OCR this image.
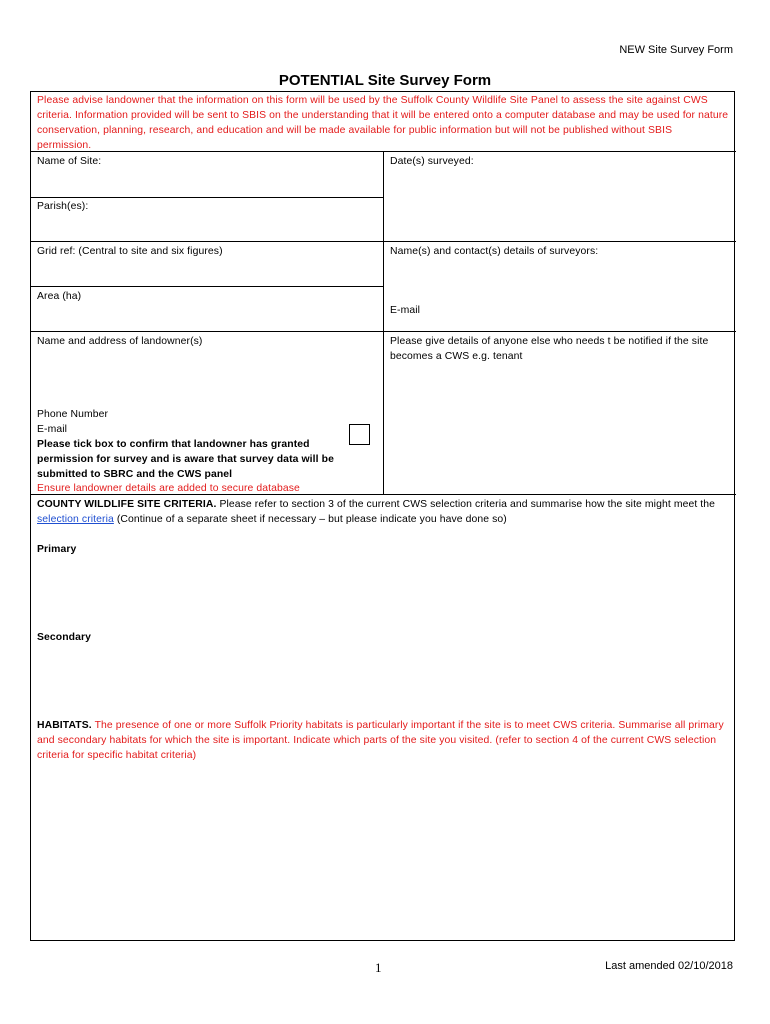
NEW Site Survey Form
POTENTIAL Site Survey Form
Please advise landowner that the information on this form will be used by the Suffolk County Wildlife Site Panel to assess the site against CWS criteria. Information provided will be sent to SBIS on the understanding that it will be entered onto a computer database and may be used for nature conservation, planning, research, and education and will be made available for public information but will not be published without SBIS permission.
Name of Site:
Parish(es):
Grid ref: (Central to site and six figures)
Area (ha)
Name and address of landowner(s)
Phone Number
E-mail
Please tick box to confirm that landowner has granted permission for survey and is aware that survey data will be submitted to SBRC and the CWS panel
Ensure landowner details are added to secure database
Date(s) surveyed:
Name(s) and contact(s) details of surveyors:
E-mail
Please give details of anyone else who needs t be notified if the site becomes a CWS e.g. tenant
COUNTY WILDLIFE SITE CRITERIA. Please refer to section 3 of the current CWS selection criteria and summarise how the site might meet the selection criteria (Continue of a separate sheet if necessary – but please indicate you have done so)
Primary
Secondary
HABITATS. The presence of one or more Suffolk Priority habitats is particularly important if the site is to meet CWS criteria. Summarise all primary and secondary habitats for which the site is important. Indicate which parts of the site you visited. (refer to section 4 of the current CWS selection criteria for specific habitat criteria)
1	Last amended 02/10/2018
